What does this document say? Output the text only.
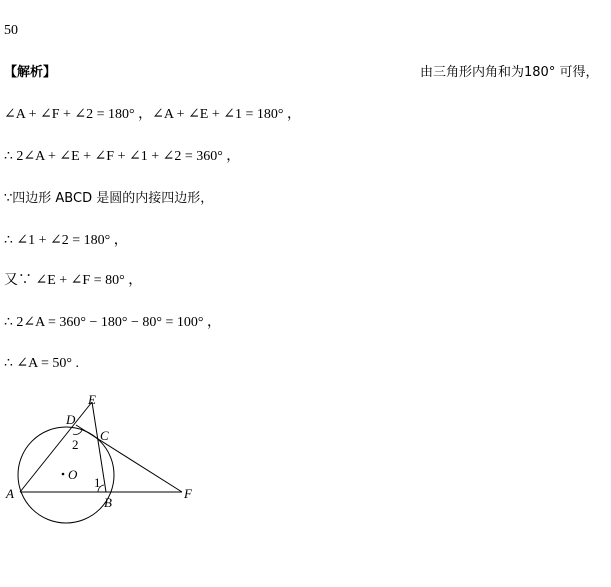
50
【解析】	由三角形内角和为180° 可得，
∠A + ∠F + ∠2 = 180° ，∠A + ∠E + ∠1 = 180° ，
∴ 2∠A + ∠E + ∠F + ∠1 + ∠2 = 360° ，
∵四边形 ABCD 是圆的内接四边形，
∴ ∠1 + ∠2 = 180° ，
又∵ ∠E + ∠F = 80° ，
∴ 2∠A = 360° − 180° − 80° = 100° ，
∴ ∠A = 50° .
A
B
C
D
E
F
O
1
2
